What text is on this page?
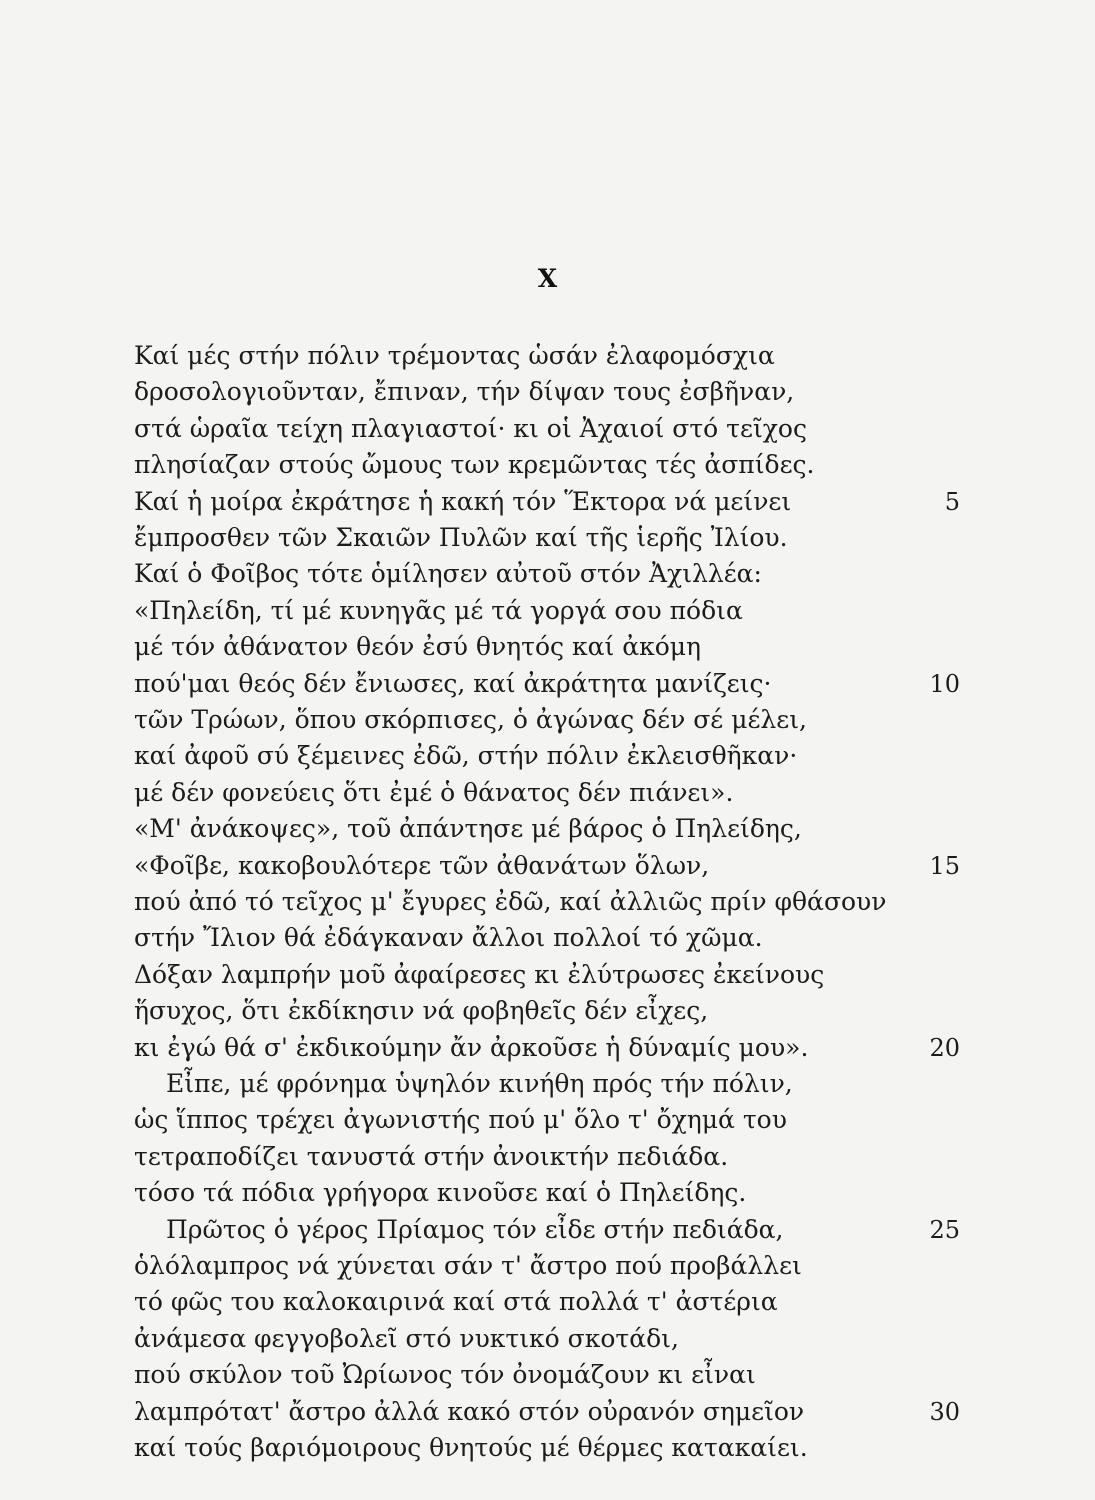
X
Καί μές στήν πόλιν τρέμοντας ὡσάν ἐλαφομόσχια
δροσολογιοῦνταν, ἔπιναν, τήν δίψαν τους ἐσβῆναν,
στά ὡραῖα τείχη πλαγιαστοί· κι οἱ Ἀχαιοί στό τεῖχος
πλησίαζαν στούς ὤμους των κρεμῶντας τές ἀσπίδες.
Καί ἡ μοίρα ἐκράτησε ἡ κακή τόν Ἕκτορα νά μείνει	5
ἔμπροσθεν τῶν Σκαιῶν Πυλῶν καί τῆς ἱερῆς Ἰλίου.
Καί ὁ Φοῖβος τότε ὁμίλησεν αὐτοῦ στόν Ἀχιλλέα:
«Πηλείδη, τί μέ κυνηγᾶς μέ τά γοργά σου πόδια
μέ τόν ἀθάνατον θεόν ἐσύ θνητός καί ἀκόμη
πού'μαι θεός δέν ἔνιωσες, καί ἀκράτητα μανίζεις·	10
τῶν Τρώων, ὅπου σκόρπισες, ὁ ἀγώνας δέν σέ μέλει,
καί ἀφοῦ σύ ξέμεινες ἐδῶ, στήν πόλιν ἐκλεισθῆκαν·
μέ δέν φονεύεις ὅτι ἐμέ ὁ θάνατος δέν πιάνει».
«Μ' ἀνάκοψες», τοῦ ἀπάντησε μέ βάρος ὁ Πηλείδης,
«Φοῖβε, κακοβουλότερε τῶν ἀθανάτων ὅλων,	15
πού ἀπό τό τεῖχος μ' ἔγυρες ἐδῶ, καί ἀλλιῶς πρίν φθάσουν
στήν Ἴλιον θά ἐδάγκαναν ἄλλοι πολλοί τό χῶμα.
Δόξαν λαμπρήν μοῦ ἀφαίρεσες κι ἐλύτρωσες ἐκείνους
ἥσυχος, ὅτι ἐκδίκησιν νά φοβηθεῖς δέν εἶχες,
κι ἐγώ θά σ' ἐκδικούμην ἄν ἀρκοῦσε ἡ δύναμίς μου».	20
Εἶπε, μέ φρόνημα ὑψηλόν κινήθη πρός τήν πόλιν,
ὡς ἵππος τρέχει ἀγωνιστής πού μ' ὅλο τ' ὄχημά του
τετραποδίζει τανυστά στήν ἀνοικτήν πεδιάδα.
τόσο τά πόδια γρήγορα κινοῦσε καί ὁ Πηλείδης.
Πρῶτος ὁ γέρος Πρίαμος τόν εἶδε στήν πεδιάδα,	25
ὁλόλαμπρος νά χύνεται σάν τ' ἄστρο πού προβάλλει
τό φῶς του καλοκαιρινά καί στά πολλά τ' ἀστέρια
ἀνάμεσα φεγγοβολεῖ στό νυκτικό σκοτάδι,
πού σκύλον τοῦ Ὠρίωνος τόν ὀνομάζουν κι εἶναι
λαμπρότατ' ἄστρο ἀλλά κακό στόν οὐρανόν σημεῖον	30
καί τούς βαριόμοιρους θνητούς μέ θέρμες κατακαίει.
